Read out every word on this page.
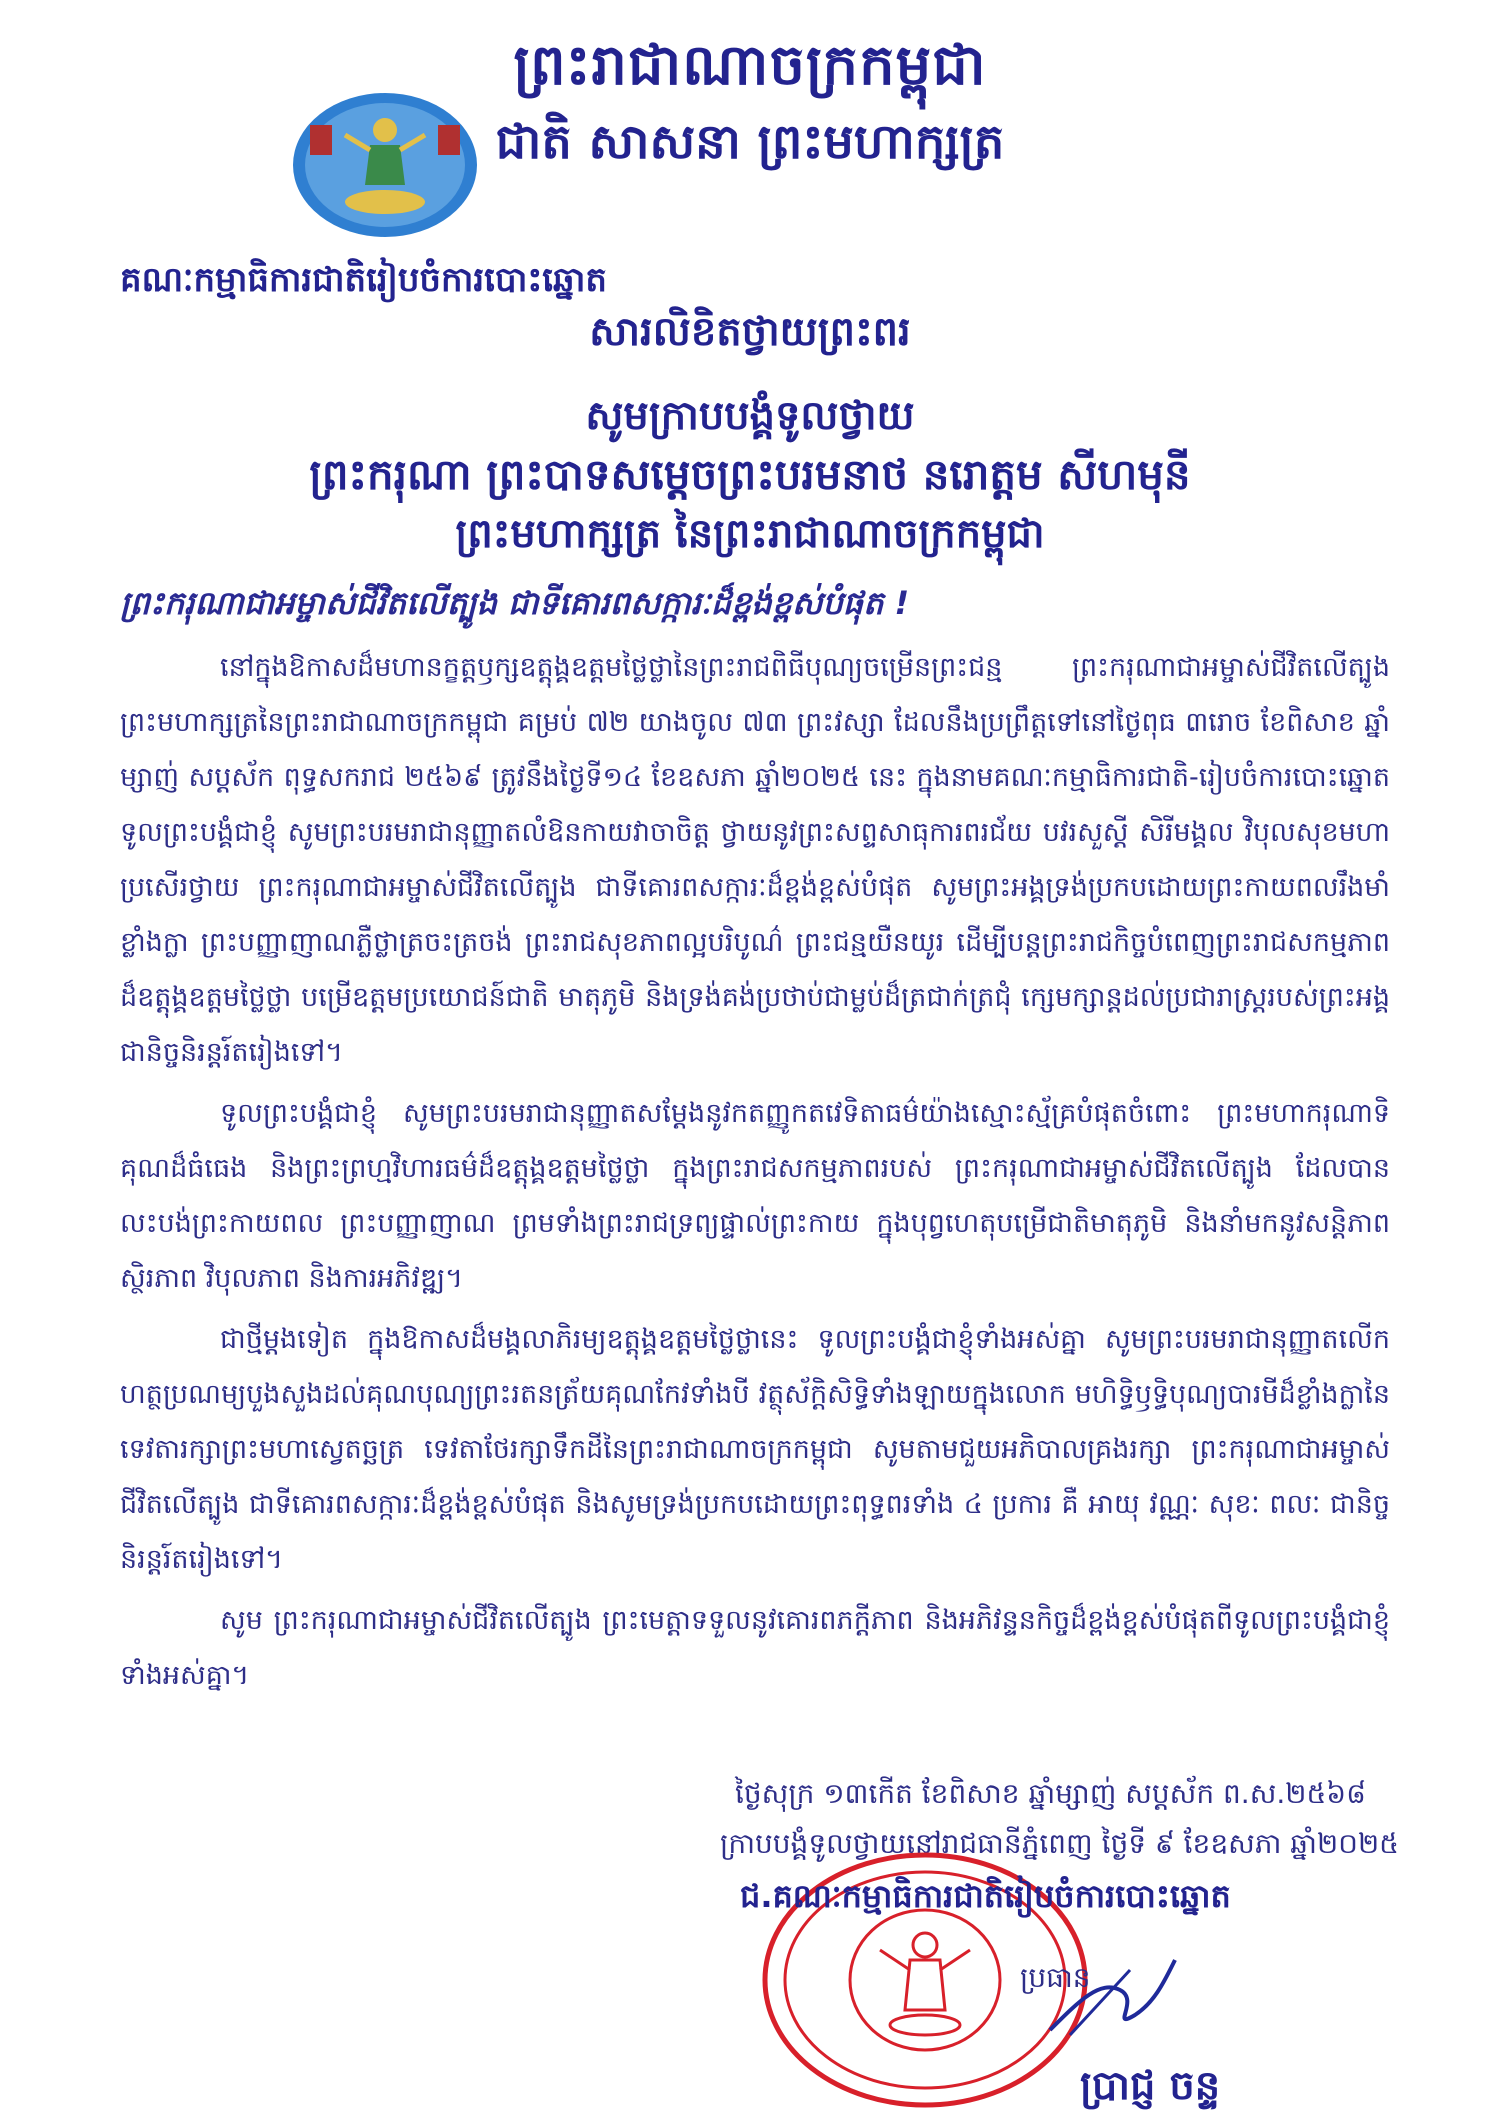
ព្រះរាជាណាចក្រកម្ពុជា
ជាតិ សាសនា ព្រះមហាក្សត្រ
គណៈកម្មាធិការជាតិរៀបចំការបោះឆ្នោត
សារលិខិតថ្វាយព្រះពរ
សូមក្រាបបង្គំទូលថ្វាយ
ព្រះករុណា ព្រះបាទសម្តេចព្រះបរមនាថ នរោត្តម សីហមុនី
ព្រះមហាក្សត្រ នៃព្រះរាជាណាចក្រកម្ពុជា
ព្រះករុណាជាអម្ចាស់ជីវិតលើត្បូង ជាទីគោរពសក្ការៈដ៏ខ្ពង់ខ្ពស់បំផុត !

នៅក្នុងឱកាសដ៏មហានក្ខត្តឫក្សឧត្តុង្គឧត្តមថ្លៃថ្លានៃព្រះរាជពិធីបុណ្យចម្រើនព្រះជន្ម ព្រះករុណាជាអម្ចាស់ជីវិតលើត្បូង ព្រះមហាក្សត្រនៃព្រះរាជាណាចក្រកម្ពុជា គម្រប់ ៧២ យាងចូល ៧៣ ព្រះវស្សា ដែលនឹងប្រព្រឹត្តទៅនៅថ្ងៃពុធ ៣រោច ខែពិសាខ ឆ្នាំម្សាញ់ សប្តស័ក ពុទ្ធសករាជ ២៥៦៩ ត្រូវនឹងថ្ងៃទី១៤ ខែឧសភា ឆ្នាំ២០២៥ នេះ ក្នុងនាមគណៈកម្មាធិការជាតិ-រៀបចំការបោះឆ្នោត ទូលព្រះបង្គំជាខ្ញុំ សូមព្រះបរមរាជានុញ្ញាតលំឱនកាយវាចាចិត្ត ថ្វាយនូវព្រះសព្ទសាធុការពរជ័យ បវរសួស្តី សិរីមង្គល វិបុលសុខមហាប្រសើរថ្វាយ ព្រះករុណាជាអម្ចាស់ជីវិតលើត្បូង ជាទីគោរពសក្ការៈដ៏ខ្ពង់ខ្ពស់បំផុត សូមព្រះអង្គទ្រង់ប្រកបដោយព្រះកាយពលរឹងមាំខ្លាំងក្លា ព្រះបញ្ញាញាណភ្លឺថ្លាត្រចះត្រចង់ ព្រះរាជសុខភាពល្អបរិបូណ៌ ព្រះជន្មយឺនយូរ ដើម្បីបន្តព្រះរាជកិច្ចបំពេញព្រះរាជសកម្មភាពដ៏ឧត្តុង្គឧត្តមថ្លៃថ្លា បម្រើឧត្តមប្រយោជន៍ជាតិ មាតុភូមិ និងទ្រង់គង់ប្រថាប់ជាម្លប់ដ៏ត្រជាក់ត្រជុំ ក្សេមក្សាន្តដល់ប្រជារាស្ត្ររបស់ព្រះអង្គជានិច្ចនិរន្តរ៍តរៀងទៅ។

ទូលព្រះបង្គំជាខ្ញុំ សូមព្រះបរមរាជានុញ្ញាតសម្តែងនូវកតញ្ញូកតវេទិតាធម៌យ៉ាងស្មោះស្ម័គ្របំផុតចំពោះ ព្រះមហាករុណាទិគុណដ៏ធំធេង និងព្រះព្រហ្មវិហារធម៌ដ៏ឧត្តុង្គឧត្តមថ្លៃថ្លា ក្នុងព្រះរាជសកម្មភាពរបស់ ព្រះករុណាជាអម្ចាស់ជីវិតលើត្បូង ដែលបានលះបង់ព្រះកាយពល ព្រះបញ្ញាញាណ ព្រមទាំងព្រះរាជទ្រព្យផ្ទាល់ព្រះកាយ ក្នុងបុព្វហេតុបម្រើជាតិមាតុភូមិ និងនាំមកនូវសន្តិភាព ស្ថិរភាព វិបុលភាព និងការអភិវឌ្ឍ។

ជាថ្មីម្តងទៀត ក្នុងឱកាសដ៏មង្គលាភិរម្យឧត្តុង្គឧត្តមថ្លៃថ្លានេះ ទូលព្រះបង្គំជាខ្ញុំទាំងអស់គ្នា សូមព្រះបរមរាជានុញ្ញាតលើកហត្ថប្រណម្យបួងសួងដល់គុណបុណ្យព្រះរតនត្រ័យគុណកែវទាំងបី វត្ថុស័ក្តិសិទ្ធិទាំងឡាយក្នុងលោក មហិទ្ធិឫទ្ធិបុណ្យបារមីដ៏ខ្លាំងក្លានៃទេវតារក្សាព្រះមហាស្វេតច្ឆត្រ ទេវតាថែរក្សាទឹកដីនៃព្រះរាជាណាចក្រកម្ពុជា សូមតាមជួយអភិបាលគ្រងរក្សា ព្រះករុណាជាអម្ចាស់ជីវិតលើត្បូង ជាទីគោរពសក្ការៈដ៏ខ្ពង់ខ្ពស់បំផុត និងសូមទ្រង់ប្រកបដោយព្រះពុទ្ធពរទាំង ៤ ប្រការ គឺ អាយុ វណ្ណៈ សុខៈ ពលៈ ជានិច្ចនិរន្តរ៍តរៀងទៅ។

សូម ព្រះករុណាជាអម្ចាស់ជីវិតលើត្បូង ព្រះមេត្តាទទួលនូវគោរពភក្តីភាព និងអភិវន្ទនកិច្ចដ៏ខ្ពង់ខ្ពស់បំផុតពីទូលព្រះបង្គំជាខ្ញុំទាំងអស់គ្នា។

ថ្ងៃសុក្រ ១៣កើត ខែពិសាខ ឆ្នាំម្សាញ់ សប្តស័ក ព.ស.២៥៦៨
ក្រាបបង្គំទូលថ្វាយនៅរាជធានីភ្នំពេញ ថ្ងៃទី ៩ ខែឧសភា ឆ្នាំ២០២៥
ជ.គណៈកម្មាធិការជាតិរៀបចំការបោះឆ្នោត
ប្រធាន
ប្រាជ្ញ ចន្ទ
